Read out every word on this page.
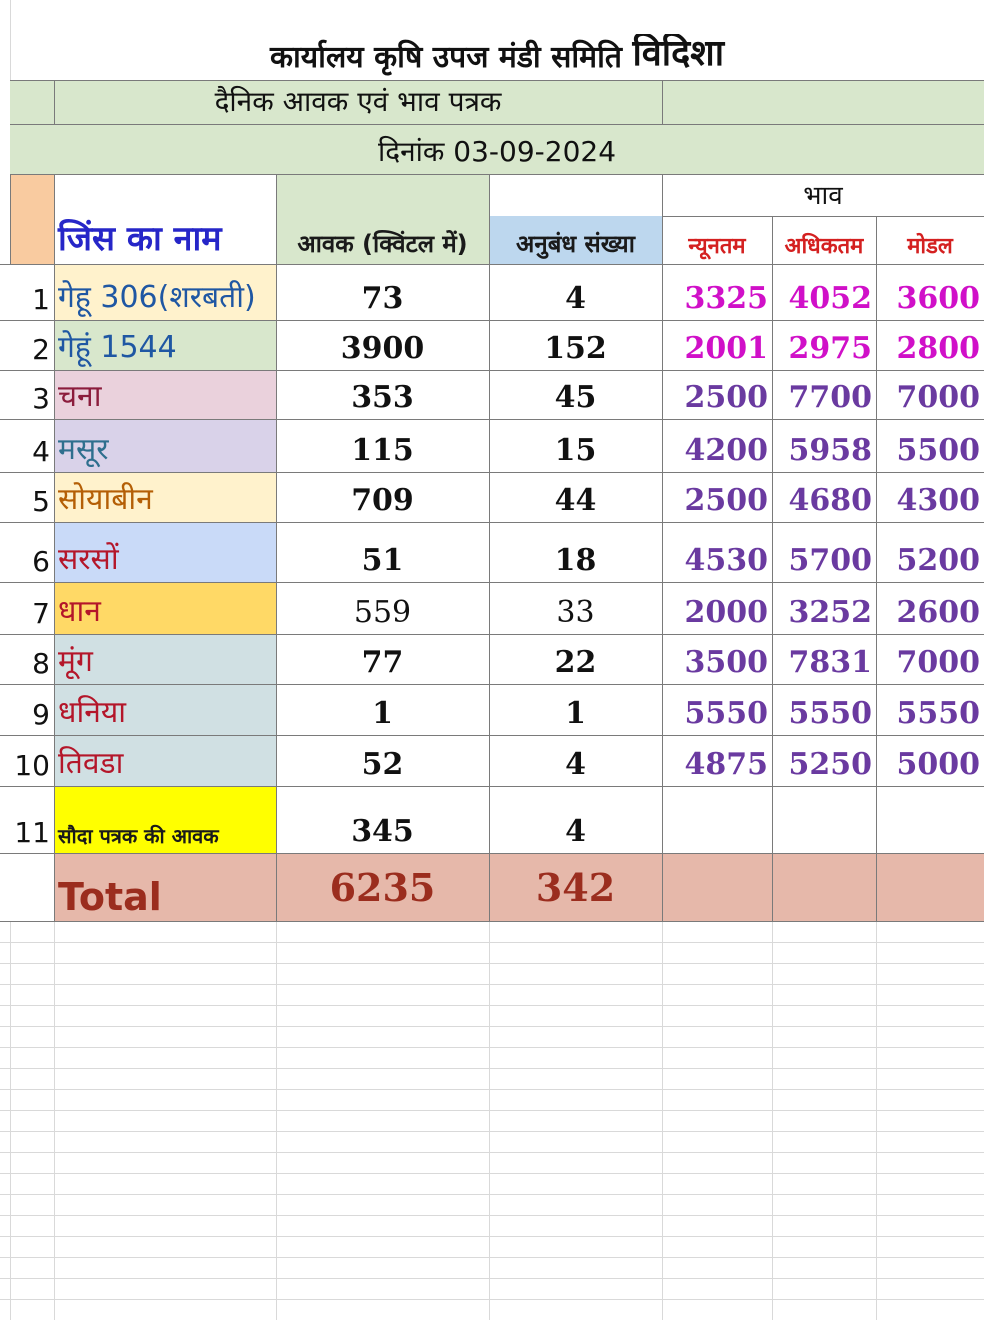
कार्यालय कृषि उपज मंडी समिति
विदिशा
दैनिक आवक एवं भाव पत्रक
दिनांक 03-09-2024
जिंस का नाम	आवक (क्विंटल में)	अनुबंध संख्या
भाव
न्यूनतम	अधिकतम	मोडल
1 गेहू 306(शरबती)	73	4	3325 4052 3600
2 गेहूं 1544	3900	152	2001 2975 2800
3 चना	353	45	2500 7700 7000
4 मसूर	115	15	4200 5958 5500
5 सोयाबीन	709	44	2500 4680 4300
6 सरसों	51	18	4530 5700 5200
7 धान	559	33	2000 3252 2600
8 मूंग	77	22	3500 7831 7000
9 धनिया	1	1	5550 5550 5550
10 तिवडा	52	4	4875 5250 5000
11 सौदा पत्रक की आवक	345	4
Total	6235	342
